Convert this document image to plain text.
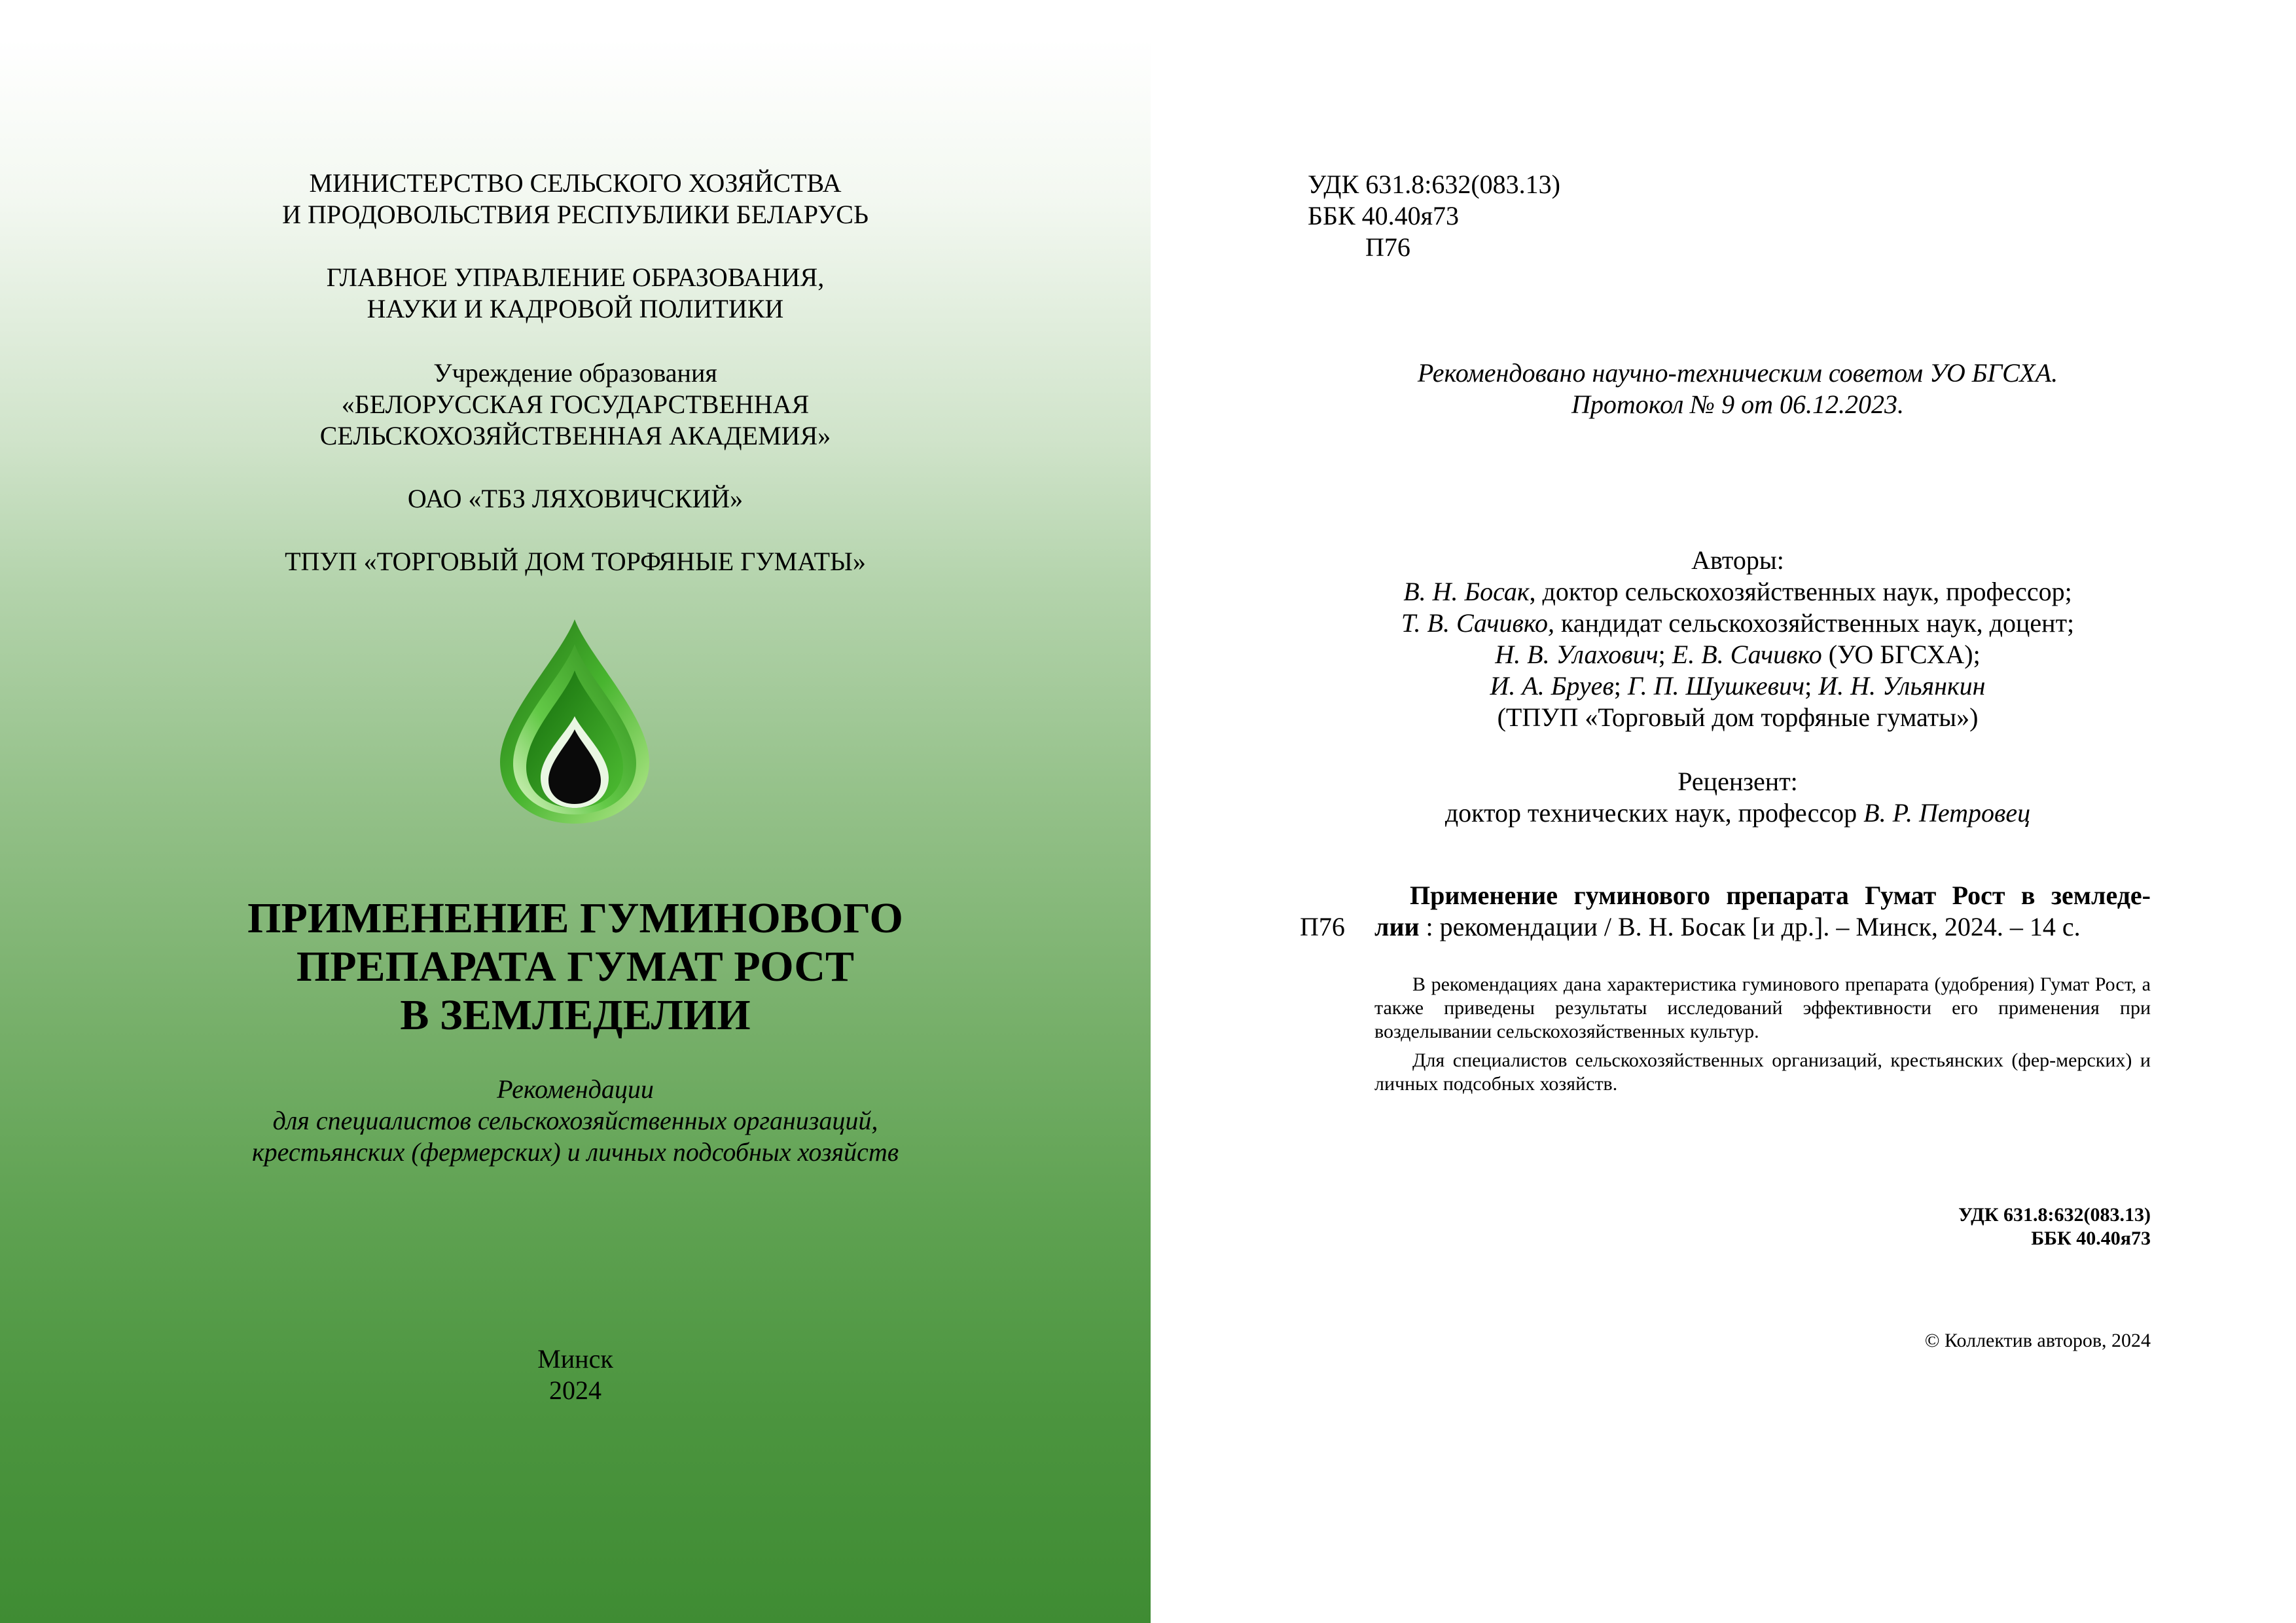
МИНИСТЕРСТВО СЕЛЬСКОГО ХОЗЯЙСТВА
И ПРОДОВОЛЬСТВИЯ РЕСПУБЛИКИ БЕЛАРУСЬ
ГЛАВНОЕ УПРАВЛЕНИЕ ОБРАЗОВАНИЯ,
НАУКИ И КАДРОВОЙ ПОЛИТИКИ
Учреждение образования
«БЕЛОРУССКАЯ ГОСУДАРСТВЕННАЯ
СЕЛЬСКОХОЗЯЙСТВЕННАЯ АКАДЕМИЯ»
ОАО «ТБЗ ЛЯХОВИЧСКИЙ»
ТПУП «ТОРГОВЫЙ ДОМ ТОРФЯНЫЕ ГУМАТЫ»
ПРИМЕНЕНИЕ ГУМИНОВОГО
ПРЕПАРАТА ГУМАТ РОСТ
В ЗЕМЛЕДЕЛИИ
Рекомендации
для специалистов сельскохозяйственных организаций,
крестьянских (фермерских) и личных подсобных хозяйств
Минск
2024
УДК 631.8:632(083.13)
ББК 40.40я73
П76
Рекомендовано научно-техническим советом УО БГСХА.
Протокол № 9 от 06.12.2023.
Авторы:
В. Н. Босак, доктор сельскохозяйственных наук, профессор;
Т. В. Сачивко, кандидат сельскохозяйственных наук, доцент;
Н. В. Улахович; Е. В. Сачивко (УО БГСХА);
И. А. Бруев; Г. П. Шушкевич; И. Н. Ульянкин
(ТПУП «Торговый дом торфяные гуматы»)
Рецензент:
доктор технических наук, профессор В. Р. Петровец
П76
Применение гуминового препарата Гумат Рост в земледе-
лии : рекомендации / В. Н. Босак [и др.]. – Минск, 2024. – 14 с.
В рекомендациях дана характеристика гуминового препарата (удобрения) Гумат Рост, а также приведены результаты исследований эффективности его применения при возделывании сельскохозяйственных культур.
Для специалистов сельскохозяйственных организаций, крестьянских (фер-мерских) и личных подсобных хозяйств.
УДК 631.8:632(083.13)
ББК 40.40я73
© Коллектив авторов, 2024
